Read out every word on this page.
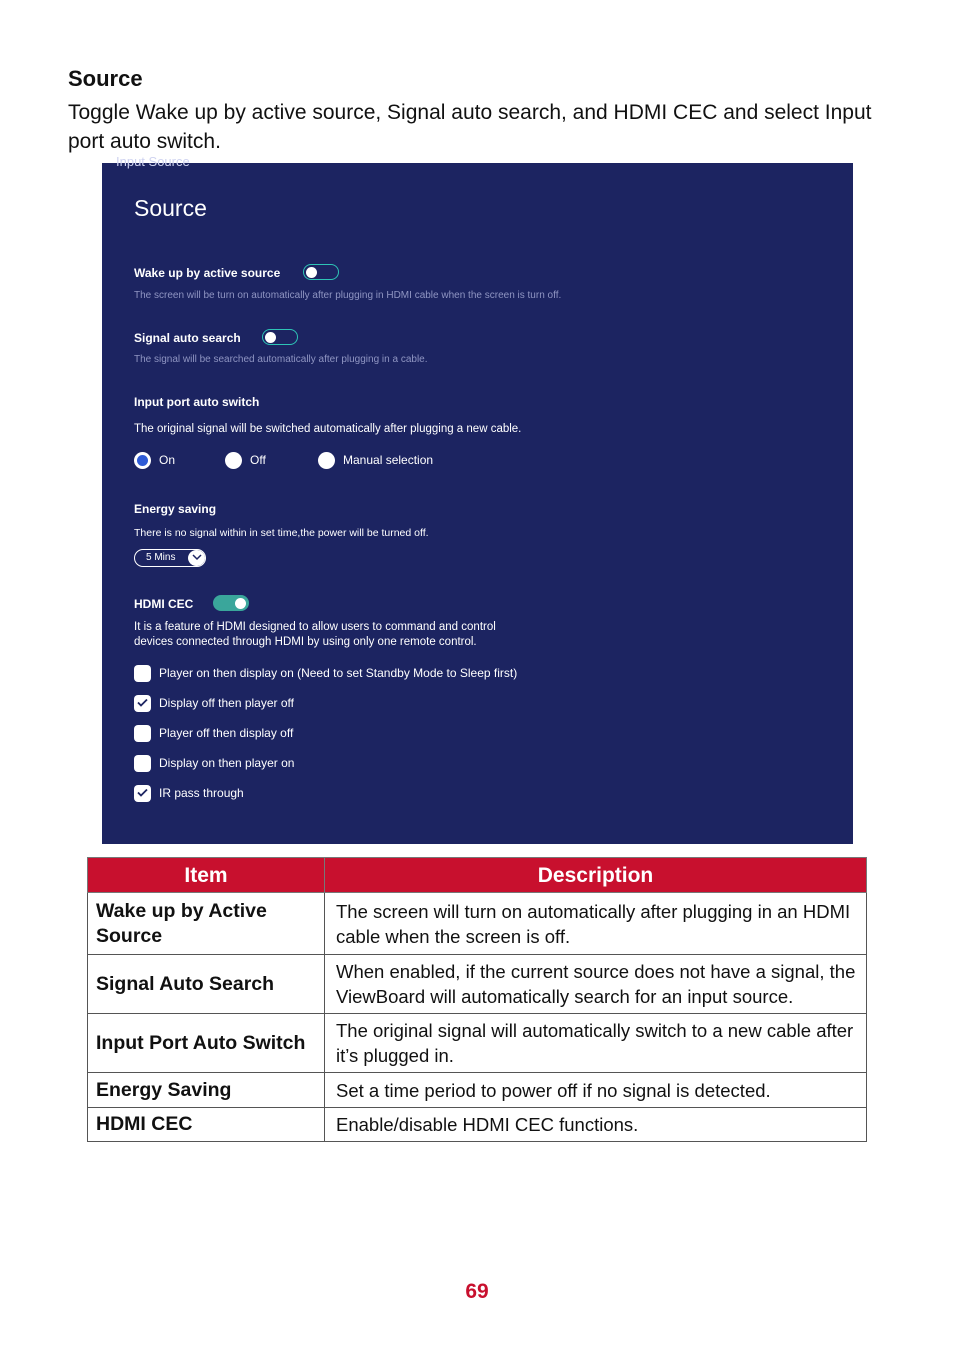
Source

Toggle Wake up by active source, Signal auto search, and HDMI CEC and select Input port auto switch.

Input Source
Source
Wake up by active source
The screen will be turn on automatically after plugging in HDMI cable when the screen is turn off.
Signal auto search
The signal will be searched automatically after plugging in a cable.
Input port auto switch
The original signal will be switched automatically after plugging a new cable.
On	Off	Manual selection
Energy saving
There is no signal within in set time,the power will be turned off.
5 Mins
HDMI CEC
It is a feature of HDMI designed to allow users to command and control
devices connected through HDMI by using only one remote control.
Player on then display on (Need to set Standby Mode to Sleep first)
Display off then player off
Player off then display off
Display on then player on
IR pass through
Item	Description
Wake up by Active Source	The screen will turn on automatically after plugging in an HDMI cable when the screen is off.
Signal Auto Search	When enabled, if the current source does not have a signal, the ViewBoard will automatically search for an input source.
Input Port Auto Switch	The original signal will automatically switch to a new cable after it’s plugged in.
Energy Saving	Set a time period to power off if no signal is detected.
HDMI CEC	Enable/disable HDMI CEC functions.
69
